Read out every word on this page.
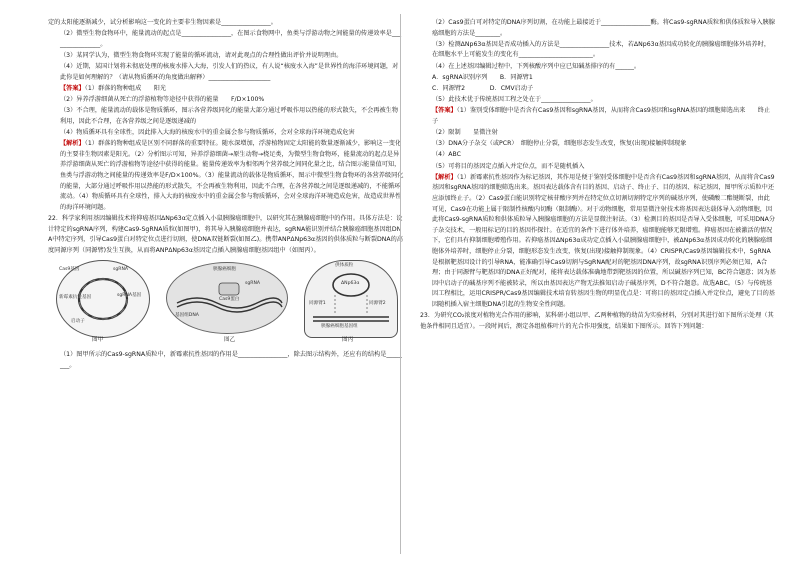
定的太阳能逐渐减少，试分析影响这一变化的主要非生物因素是________________。

（2）微型生物食物环中，能量流动的起点是________________，在图示食物网中，鱼类与浮游动物之间能量的传递效率是________________。

（3）某同学认为，微型生物食物环实现了能量的循环流动，请对此观点的合理性做出评价并说明理由。

（4）近期，某国计划将未彻底处理的核废水排入大海，引发人们的热议，有人说“核废水入海”是世界性的海洋环境问题，对此你是如何理解的？（请从物质循环的角度做出解释）____________________

【答案】（1）群落的物种组成　　阳光

（2）异养浮游细菌从死亡的浮游植物等途径中获得的能量　　F/D×100%

（3）不合理，能量流动的载体是物质循环，图示各营养级同化的能量大部分通过呼吸作用以热能的形式散失，不会再被生物利用，因此不合理，在各营养级之间是逐级递减的

（4）物质循环具有全球性，因此排入大海的核废水中的重金属会参与物质循环，会对全球海洋环境造成危害

【解析】（1）群落的物种组成是区别不同群落的重要特征。随水深增加，浮游植物固定太阳能的数量逐渐减少，影响这一变化的主要非生物因素是阳光。（2）分析图示可知，异养浮游细菌→原生动物→桡足类，为微型生物食物环，能量流动的起点是异养浮游细菌从死亡的浮游植物等途径中获得的能量。能量传递效率为相邻两个营养级之间同化量之比，结合图示能量值可知，鱼类与浮游动物之间能量的传递效率是F/D×100%。（3）能量流动的载体是物质循环，图示中微型生物食物环的各营养级同化的能量，大部分通过呼吸作用以热能的形式散失，不会再被生物利用，因此不合理，在各营养级之间是逐级递减的，不能循环流动。（4）物质循环具有全球性，排入大海的核废水中的重金属会参与物质循环，会对全球海洋环境造成危害，故造成世界性的海洋环境问题。

22．科学家利用基因编辑技术将抑癌基因ΔNp63α定点插入小鼠胰腺癌细胞中，以研究其在胰腺癌细胞中的作用。具体方法是：设计特定的sgRNA序列，构建Cas9-SgRNA质粒(如图甲)，将其导入胰腺癌细胞并表达，sgRNA能识别并结合胰腺癌细胞基因组DNA中特定序列，引导Cas9蛋白对特定位点进行切割，使DNA双链断裂(如图乙)。携带ANPΔNp63α基因的供体质粒与断裂DNA的高度同源序列（同源臂)发生互换，从而将ANPΔNp63α基因定点插入胰腺癌细胞基因组中（如图丙）。

Cas9基因	sgRNA
sgRNA基因
新霉素抗性基因
启动子
图甲
胰腺癌细胞
基因组DNA
sgRNA
Cas9蛋白
图乙
供体质粒
同源臂1	同源臂2
ΔNp63α
胰腺癌细胞基因组
图丙

（1）图甲所示的Cas9-sgRNA质粒中，新霉素抗性基因的作用是________________，除去图示结构外，还应有的结构是________。

（2）Cas9蛋白可对特定的DNA序列切割，在功能上最接近于________________酶。将Cas9-sgRNA质粒和供体质粒导入胰腺癌细胞的方法是________。

（3）检测ΔNp63α基因是否成功插入的方法是________________技术，若ΔNp63α基因成功转化的胰腺癌细胞体外培养时，在细胞水平上可能发生的变化有________________________。

（4）在上述基因编辑过程中，下列核酸序列中应已知碱基排序的有______。

A．sgRNA识别序列　　B．同源臂1

C．同源臂2　　　　D．CMV启动子

（5）此技术优于传统基因工程之处在于________________。

【答案】（1）鉴别受体细胞中是否含有Cas9基因和sgRNA基因，从而将含Cas9基因和sgRNA基因的细胞筛选出来　　终止子

（2）限制　　显微注射

（3）DNA分子杂交（或PCR）　细胞停止分裂，细胞形态发生改变，恢复(出现)接触抑制现象

（4）ABC

（5）可将目的基因定点插入并定位点，而不是随机插入

【解析】（1）新霉素抗性基因作为标记基因，其作用是便于鉴别受体细胞中是否含有Cas9基因和sgRNA基因，从而将含Cas9基因和sgRNA基因的细胞筛选出来。基因表达载体含有目的基因、启动子、终止子、目的基因、标记基因，图甲所示质粒中还应添加终止子。（2）Cas9蛋白能识别特定核苷酸序列并在特定位点切割切割特定序列的碱基序列，使磷酸二酯键断裂，由此可见，Cas9在功能上属于限制性核酸内切酶（限制酶）。对于动物细胞，常用显微注射技术将基因表达载体导入动物细胞，因此将Cas9-sgRNA质粒和供体质粒导入胰腺癌细胞的方法是显微注射法。（3）检测目的基因是否导入受体细胞，可采用DNA分子杂交技术，一般用标记的目的基因作探针。在适宜的条件下进行体外培养，癌细胞能够无限增殖。抑癌基因在被激活的情况下，它们具有抑制细胞增殖作用。若抑癌基因ΔNp63α成功定点插入小鼠胰腺癌细胞中，被ΔNp63α基因成功转化的胰腺癌细胞体外培养时，细胞停止分裂，细胞形态发生改变，恢复(出现)接触抑制现象。（4）CRISPR/Cas9基因编辑技术中，SgRNA是根据靶基因设计的引导RNA，能准确引导Cas9切割与SgRNA配对的靶基因DNA序列，故sgRNA识别序列必须已知，A合理；由于同源臂与靶基因的DNA正好配对，能将表达载体准确地带到靶基因的位置，所以碱基序列已知，BC符合题意；因为基因中启动子的碱基序列不能被转录，所以由基因表达产物无法推知启动子碱基序列，D不符合题意。故选ABC。（5）与传统基因工程相比，运用CRISPR/Cas9基因编辑技术培育转基因生物的明显优点是：可将目的基因定点插入并定位点，避免了目的基因随机插入宿主细胞DNA引起的生物安全性问题。

23．为研究CO₂浓度对植物光合作用的影响，某科研小组以甲、乙两种植物的幼苗为实验材料，分别对其进行如下图所示处理（其他条件相同且适宜）。一段时间后，测定各组植株叶片的光合作用强度，结果如下图所示。回答下列问题：
